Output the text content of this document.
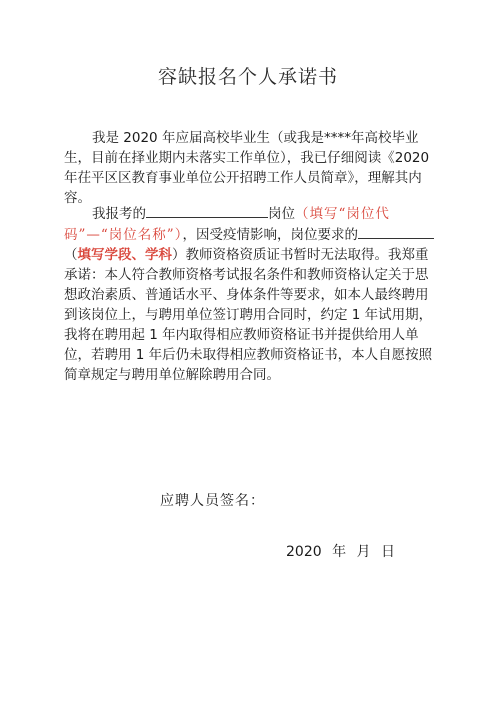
容缺报名个人承诺书
我是 2020 年应届高校毕业生（或我是****年高校毕业生，目前在择业期内未落实工作单位），我已仔细阅读《2020 年茌平区区教育事业单位公开招聘工作人员简章》，理解其内容。
我报考的	岗位（填写“岗位代码”—“岗位名称”），因受疫情影响，岗位要求的（填写学段、学科）教师资格资质证书暂时无法取得。我郑重承诺：本人符合教师资格考试报名条件和教师资格认定关于思想政治素质、普通话水平、身体条件等要求，如本人最终聘用到该岗位上，与聘用单位签订聘用合同时，约定 1 年试用期，我将在聘用起 1 年内取得相应教师资格证书并提供给用人单位，若聘用 1 年后仍未取得相应教师资格证书，本人自愿按照简章规定与聘用单位解除聘用合同。
应聘人员签名：
2020 年 月 日
